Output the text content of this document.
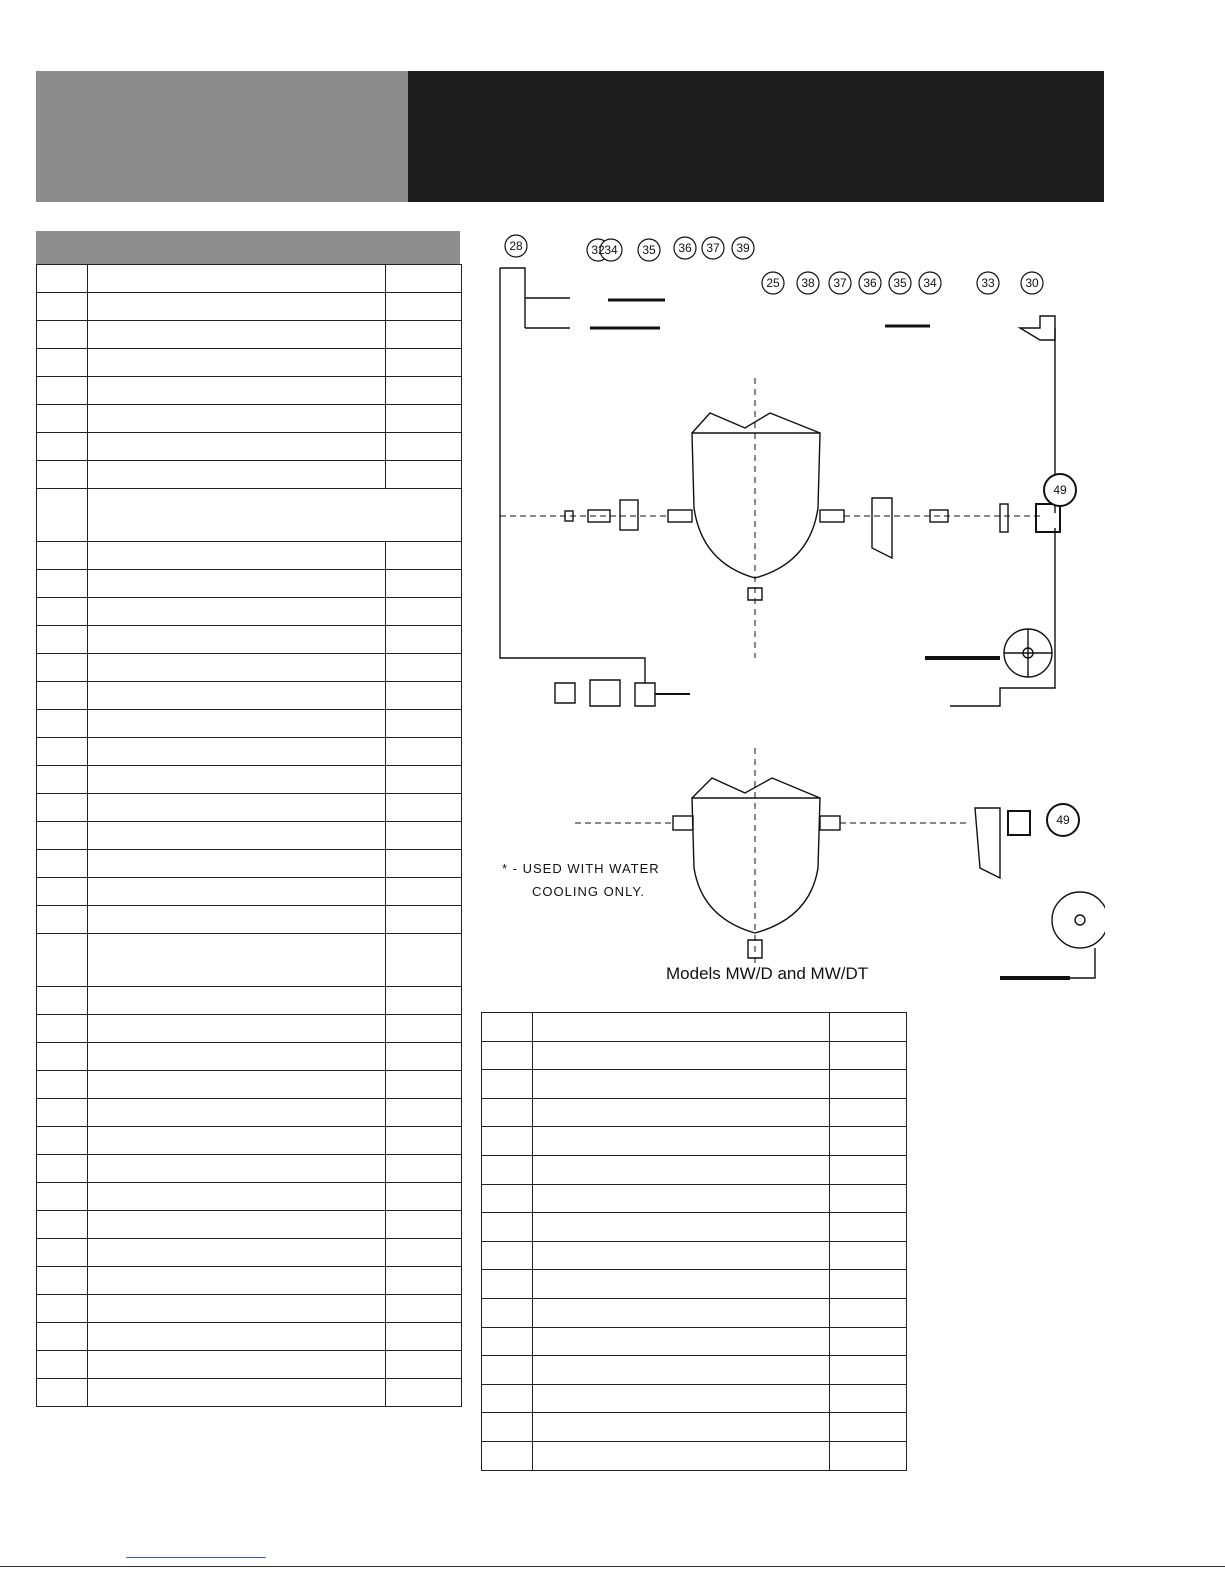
28	32 34 35 36 37 39
25 38 37 36 35 34	33	30
49
49
* - USED WITH WATER
COOLING ONLY.
Models MW/D and MW/DT
